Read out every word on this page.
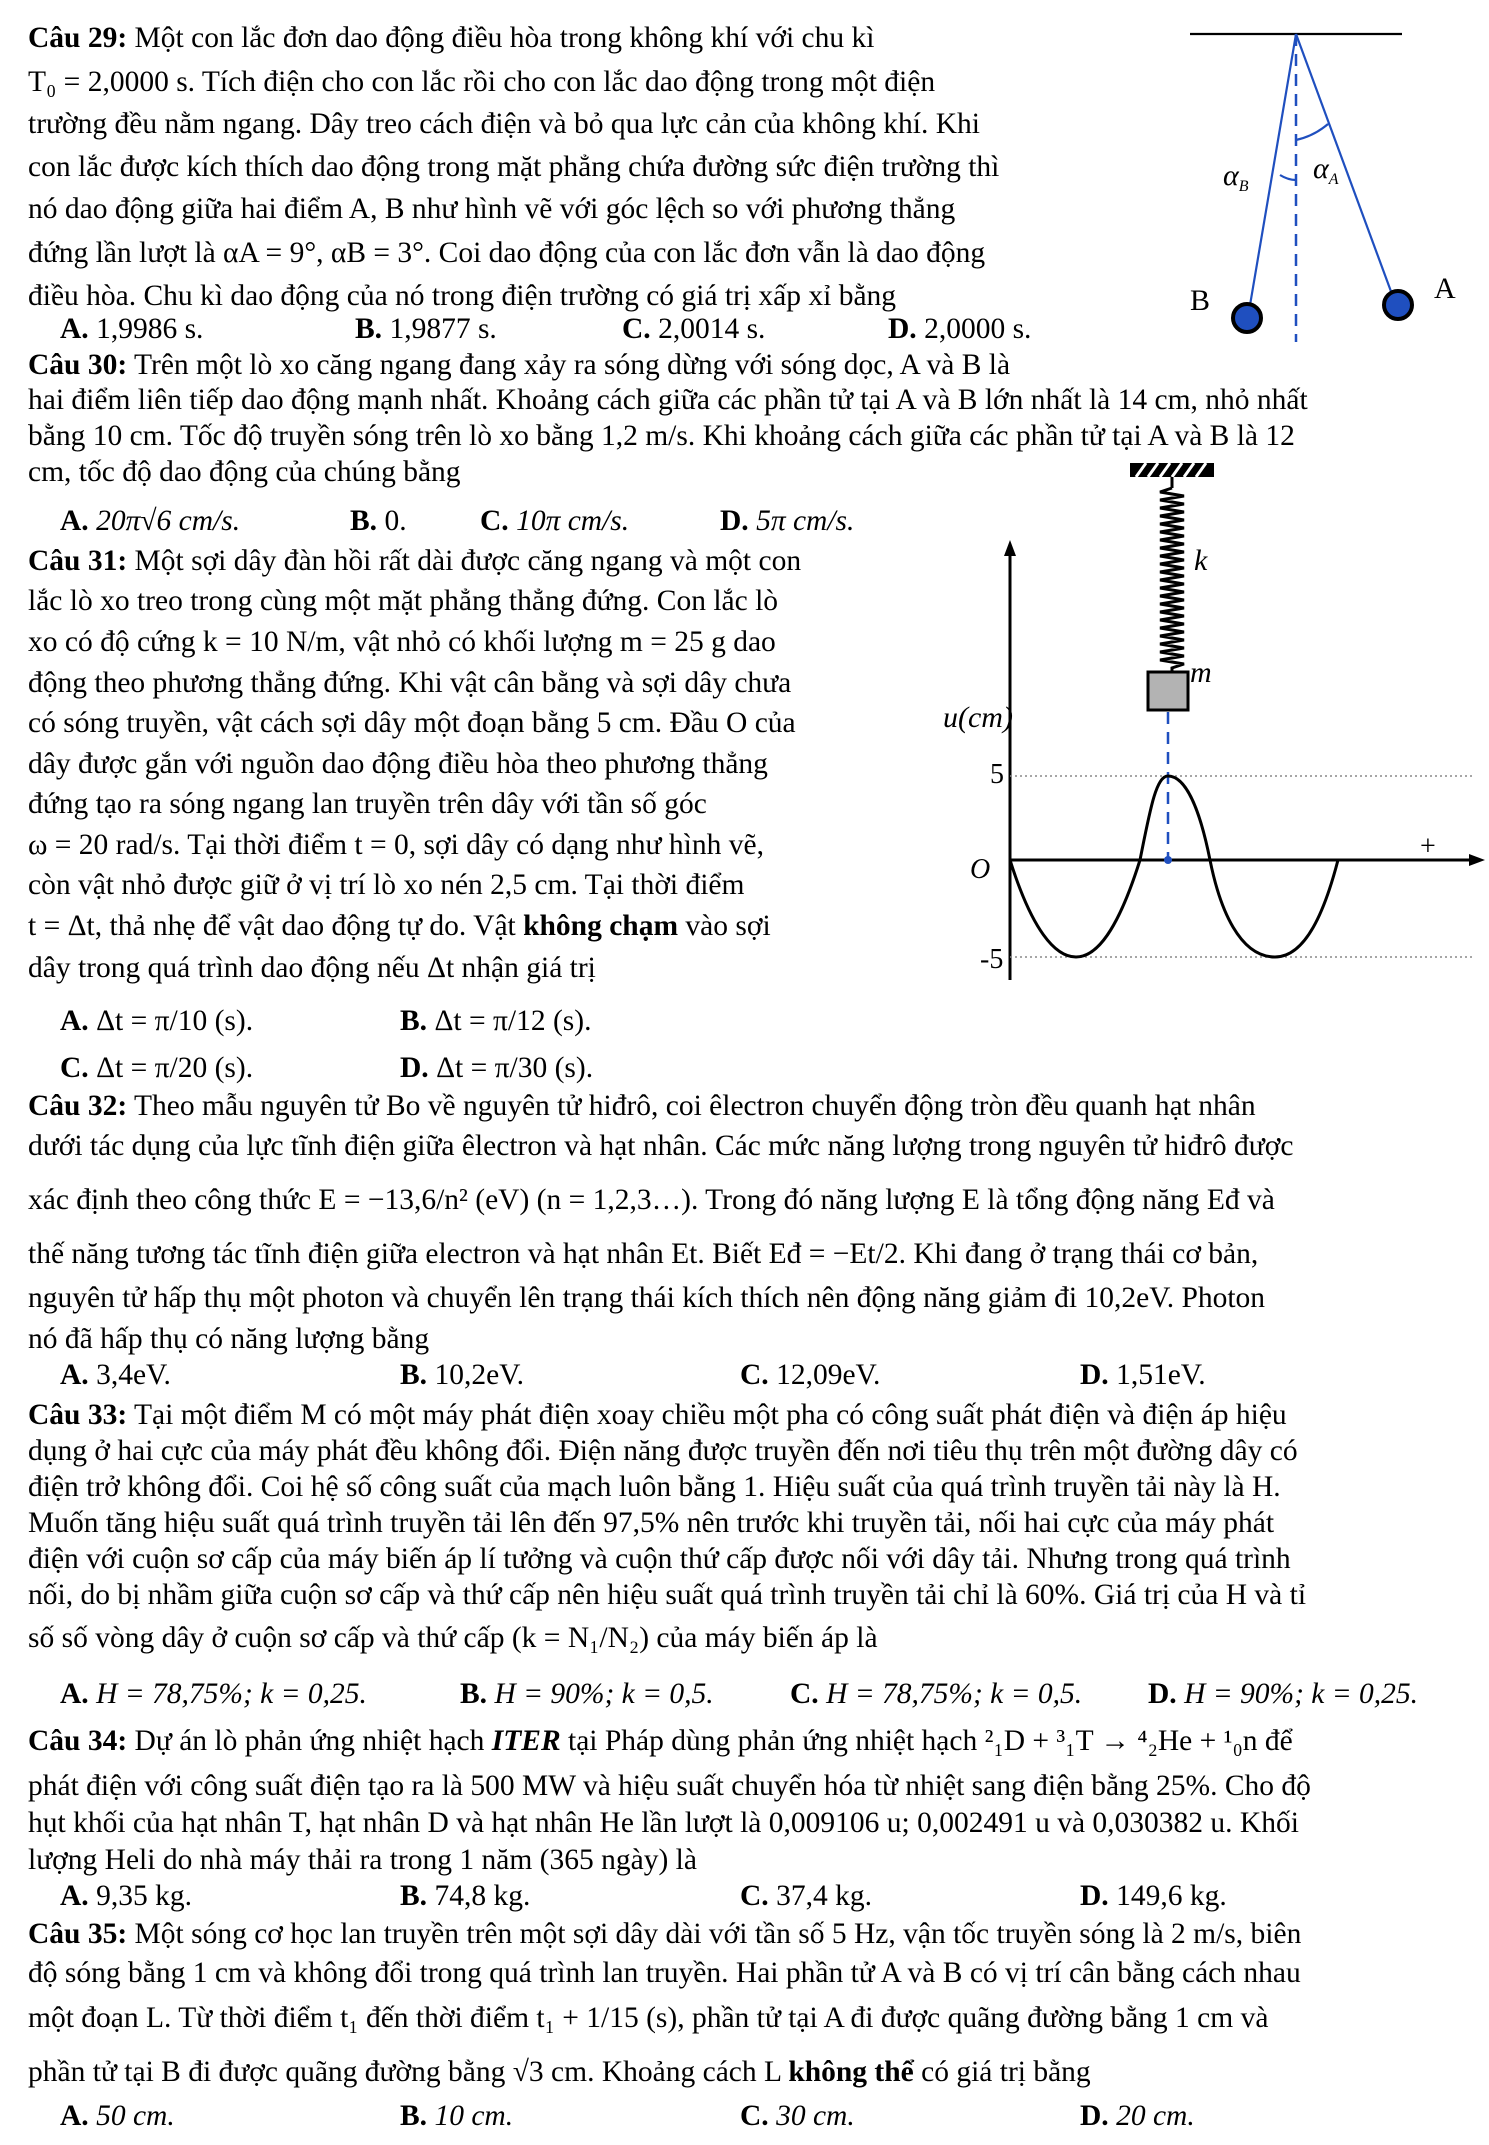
Câu 29: Một con lắc đơn dao động điều hòa trong không khí với chu kì
T₀ = 2,0000 s. Tích điện cho con lắc rồi cho con lắc dao động trong một điện
trường đều nằm ngang. Dây treo cách điện và bỏ qua lực cản của không khí. Khi
con lắc được kích thích dao động trong mặt phẳng chứa đường sức điện trường thì
nó dao động giữa hai điểm A, B như hình vẽ với góc lệch so với phương thẳng
đứng lần lượt là αA = 9°, αB = 3°. Coi dao động của con lắc đơn vẫn là dao động
điều hòa. Chu kì dao động của nó trong điện trường có giá trị xấp xỉ bằng
A. 1,9986 s.	B. 1,9877 s.	C. 2,0014 s.	D. 2,0000 s.
$\alpha_A$
$\alpha_B$
A
B
Câu 30: Trên một lò xo căng ngang đang xảy ra sóng dừng với sóng dọc, A và B là
hai điểm liên tiếp dao động mạnh nhất. Khoảng cách giữa các phần tử tại A và B lớn nhất là 14 cm, nhỏ nhất
bằng 10 cm. Tốc độ truyền sóng trên lò xo bằng 1,2 m/s. Khi khoảng cách giữa các phần tử tại A và B là 12
cm, tốc độ dao động của chúng bằng
A. 20π√6 cm/s.	B. 0. C. 10π cm/s.	D. 5π cm/s.
Câu 31: Một sợi dây đàn hồi rất dài được căng ngang và một con
lắc lò xo treo trong cùng một mặt phẳng thẳng đứng. Con lắc lò
xo có độ cứng k = 10 N/m, vật nhỏ có khối lượng m = 25 g dao
động theo phương thẳng đứng. Khi vật cân bằng và sợi dây chưa
có sóng truyền, vật cách sợi dây một đoạn bằng 5 cm. Đầu O của
dây được gắn với nguồn dao động điều hòa theo phương thẳng
đứng tạo ra sóng ngang lan truyền trên dây với tần số góc
ω = 20 rad/s. Tại thời điểm t = 0, sợi dây có dạng như hình vẽ,
còn vật nhỏ được giữ ở vị trí lò xo nén 2,5 cm. Tại thời điểm
t = Δt, thả nhẹ để vật dao động tự do. Vật không chạm vào sợi
dây trong quá trình dao động nếu Δt nhận giá trị
A. Δt = π/10 (s).	B. Δt = π/12 (s).
C. Δt = π/20 (s).	D. Δt = π/30 (s).
k
m
u(cm)
5
-5
O
+
Câu 32: Theo mẫu nguyên tử Bo về nguyên tử hiđrô, coi êlectron chuyển động tròn đều quanh hạt nhân
dưới tác dụng của lực tĩnh điện giữa êlectron và hạt nhân. Các mức năng lượng trong nguyên tử hiđrô được
xác định theo công thức E = −13,6/n² (eV) (n = 1,2,3…). Trong đó năng lượng E là tổng động năng Eđ và
thế năng tương tác tĩnh điện giữa electron và hạt nhân Et. Biết Eđ = −Et/2. Khi đang ở trạng thái cơ bản,
nguyên tử hấp thụ một photon và chuyển lên trạng thái kích thích nên động năng giảm đi 10,2eV. Photon
nó đã hấp thụ có năng lượng bằng
A. 3,4eV.	B. 10,2eV.	C. 12,09eV.	D. 1,51eV.
Câu 33: Tại một điểm M có một máy phát điện xoay chiều một pha có công suất phát điện và điện áp hiệu
dụng ở hai cực của máy phát đều không đổi. Điện năng được truyền đến nơi tiêu thụ trên một đường dây có
điện trở không đổi. Coi hệ số công suất của mạch luôn bằng 1. Hiệu suất của quá trình truyền tải này là H.
Muốn tăng hiệu suất quá trình truyền tải lên đến 97,5% nên trước khi truyền tải, nối hai cực của máy phát
điện với cuộn sơ cấp của máy biến áp lí tưởng và cuộn thứ cấp được nối với dây tải. Nhưng trong quá trình
nối, do bị nhầm giữa cuộn sơ cấp và thứ cấp nên hiệu suất quá trình truyền tải chỉ là 60%. Giá trị của H và tỉ
số số vòng dây ở cuộn sơ cấp và thứ cấp (k = N₁/N₂) của máy biến áp là
A. H = 78,75%; k = 0,25.	B. H = 90%; k = 0,5.	C. H = 78,75%; k = 0,5. D. H = 90%; k = 0,25.
Câu 34: Dự án lò phản ứng nhiệt hạch ITER tại Pháp dùng phản ứng nhiệt hạch ²₁D + ³₁T → ⁴₂He + ¹₀n để
phát điện với công suất điện tạo ra là 500 MW và hiệu suất chuyển hóa từ nhiệt sang điện bằng 25%. Cho độ
hụt khối của hạt nhân T, hạt nhân D và hạt nhân He lần lượt là 0,009106 u; 0,002491 u và 0,030382 u. Khối
lượng Heli do nhà máy thải ra trong 1 năm (365 ngày) là
A. 9,35 kg.	B. 74,8 kg.	C. 37,4 kg.	D. 149,6 kg.
Câu 35: Một sóng cơ học lan truyền trên một sợi dây dài với tần số 5 Hz, vận tốc truyền sóng là 2 m/s, biên
độ sóng bằng 1 cm và không đổi trong quá trình lan truyền. Hai phần tử A và B có vị trí cân bằng cách nhau
một đoạn L. Từ thời điểm t₁ đến thời điểm t₁ + 1/15 (s), phần tử tại A đi được quãng đường bằng 1 cm và
phần tử tại B đi được quãng đường bằng √3 cm. Khoảng cách L không thể có giá trị bằng
A. 50 cm.	B. 10 cm.	C. 30 cm.	D. 20 cm.
